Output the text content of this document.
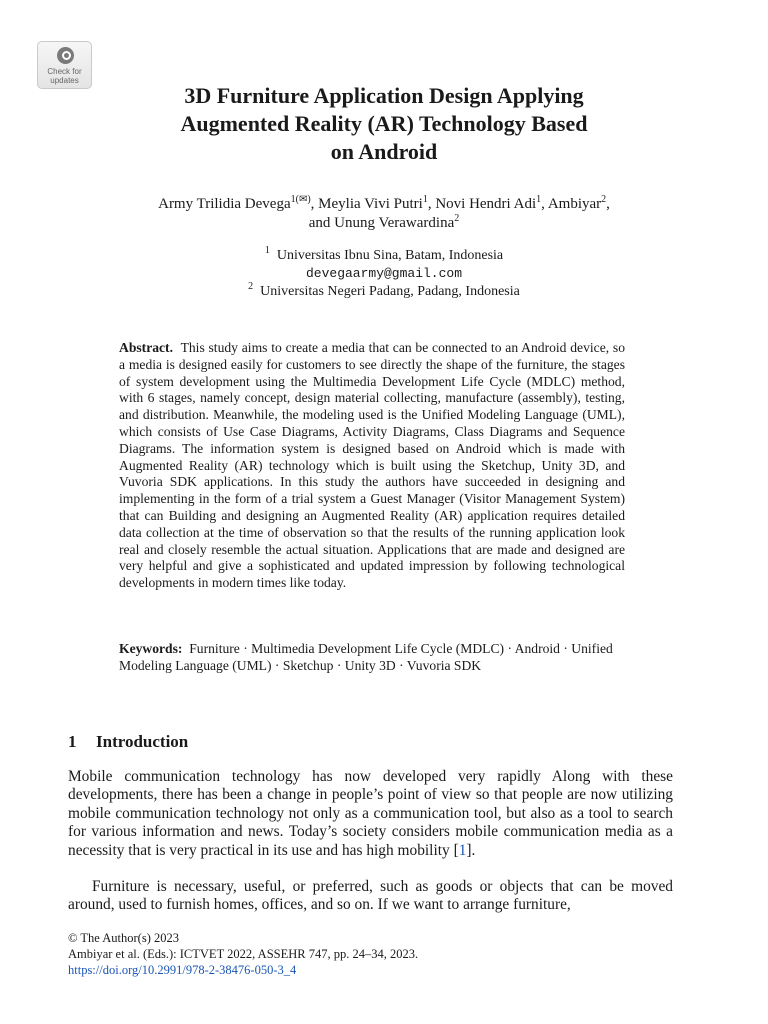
Check for
updates
3D Furniture Application Design Applying
Augmented Reality (AR) Technology Based
on Android
Army Trilidia Devega$^{1(✉)}$, Meylia Vivi Putri$^1$, Novi Hendri Adi$^1$, Ambiyar$^2$,
and Unung Verawardina$^2$
$^1$ Universitas Ibnu Sina, Batam, Indonesia
devegaarmy@gmail.com
$^2$ Universitas Negeri Padang, Padang, Indonesia
Abstract. This study aims to create a media that can be connected to an Android device, so a media is designed easily for customers to see directly the shape of the furniture, the stages of system development using the Multimedia Development Life Cycle (MDLC) method, with 6 stages, namely concept, design material collecting, manufacture (assembly), testing, and distribution. Meanwhile, the modeling used is the Unified Modeling Language (UML), which consists of Use Case Diagrams, Activity Diagrams, Class Diagrams and Sequence Diagrams. The information system is designed based on Android which is made with Augmented Reality (AR) technology which is built using the Sketchup, Unity 3D, and Vuvoria SDK applications. In this study the authors have succeeded in designing and implementing in the form of a trial system a Guest Manager (Visitor Management System) that can Building and designing an Augmented Reality (AR) application requires detailed data collection at the time of observation so that the results of the running application look real and closely resemble the actual situation. Applications that are made and designed are very helpful and give a sophisticated and updated impression by following technological developments in modern times like today.
Keywords: Furniture · Multimedia Development Life Cycle (MDLC) · Android · Unified Modeling Language (UML) · Sketchup · Unity 3D · Vuvoria SDK
1 Introduction
Mobile communication technology has now developed very rapidly Along with these developments, there has been a change in people’s point of view so that people are now utilizing mobile communication technology not only as a communication tool, but also as a tool to search for various information and news. Today’s society considers mobile communication media as a necessity that is very practical in its use and has high mobility [1].
Furniture is necessary, useful, or preferred, such as goods or objects that can be moved around, used to furnish homes, offices, and so on. If we want to arrange furniture,
© The Author(s) 2023
Ambiyar et al. (Eds.): ICTVET 2022, ASSEHR 747, pp. 24–34, 2023.
https://doi.org/10.2991/978-2-38476-050-3_4
